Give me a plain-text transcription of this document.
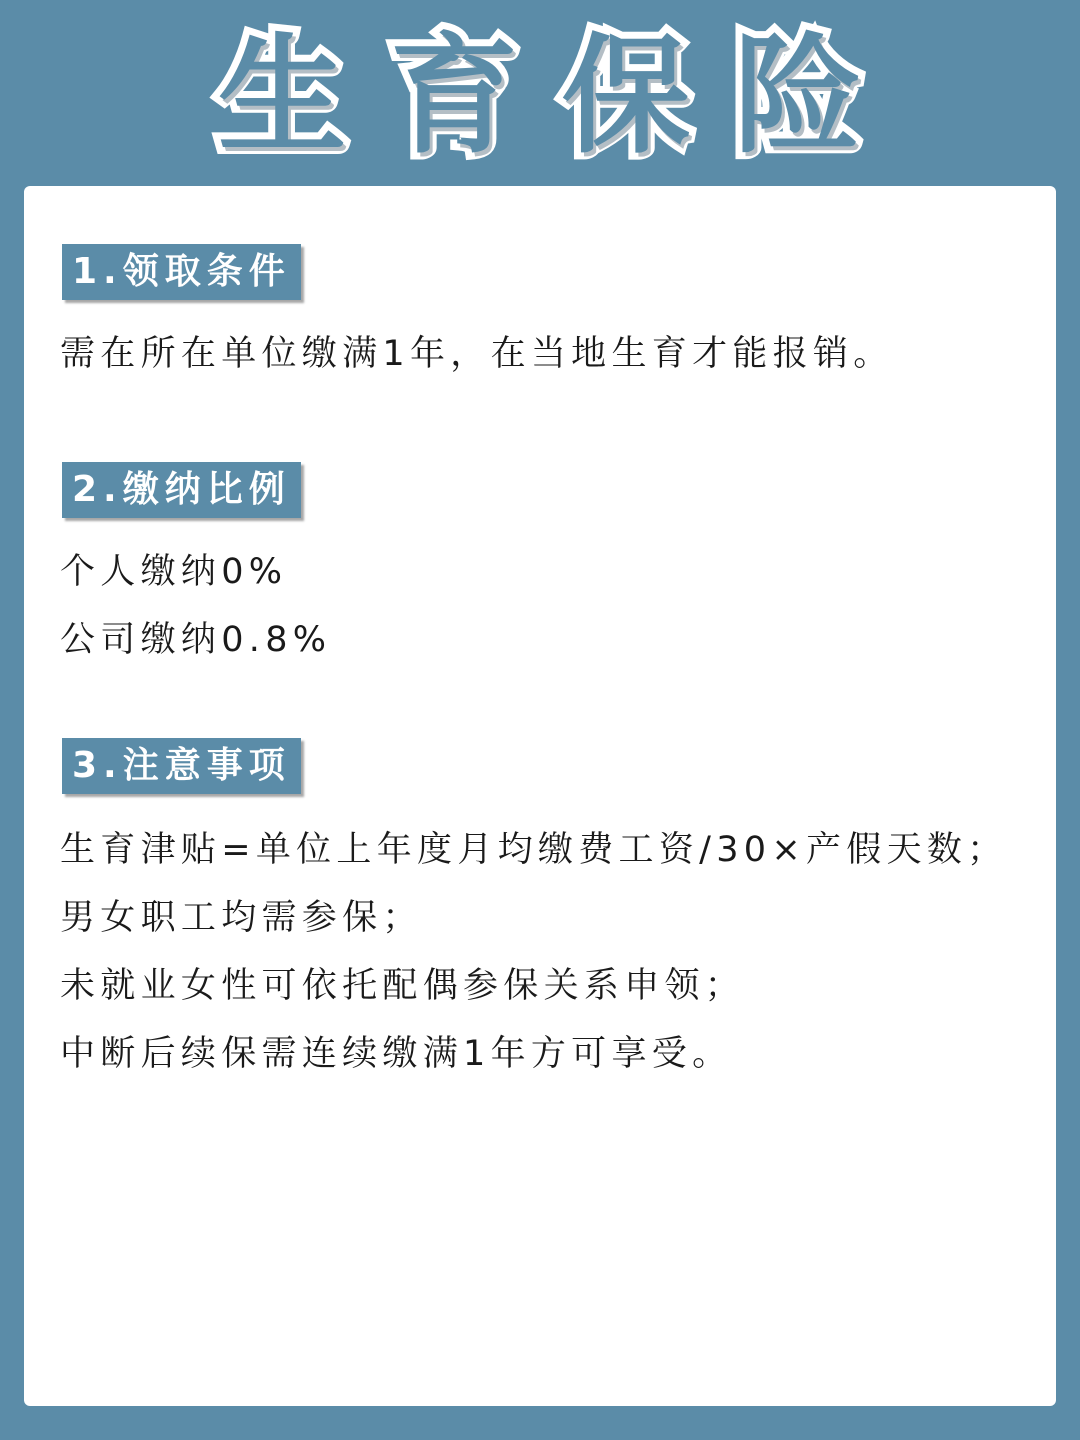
生育保险
1.领取条件
需在所在单位缴满1年，在当地生育才能报销。
2.缴纳比例
个人缴纳0%
公司缴纳0.8%
3.注意事项
生育津贴=单位上年度月均缴费工资/30×产假天数；
男女职工均需参保；
未就业女性可依托配偶参保关系申领；
中断后续保需连续缴满1年方可享受。
